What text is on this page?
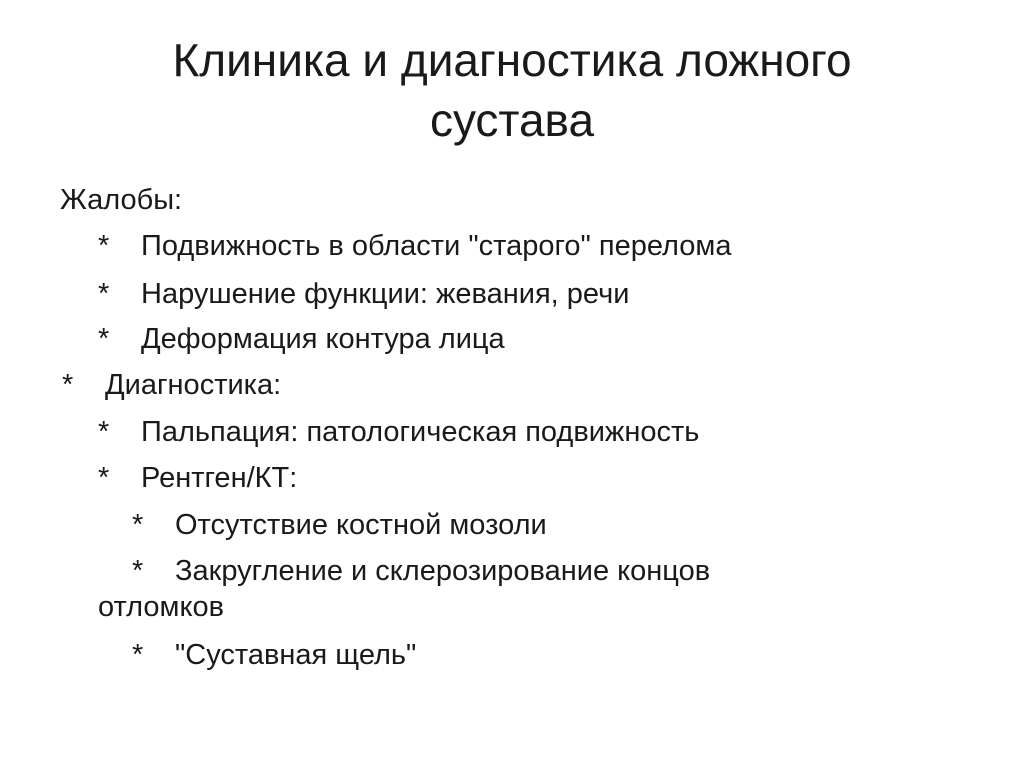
Клиника и диагностика ложного
сустава
Жалобы:
* Подвижность в области "старого" перелома
* Нарушение функции: жевания, речи
* Деформация контура лица
* Диагностика:
* Пальпация: патологическая подвижность
* Рентген/КТ:
* Отсутствие костной мозоли
* Закругление и склерозирование концов
отломков
* "Суставная щель"
